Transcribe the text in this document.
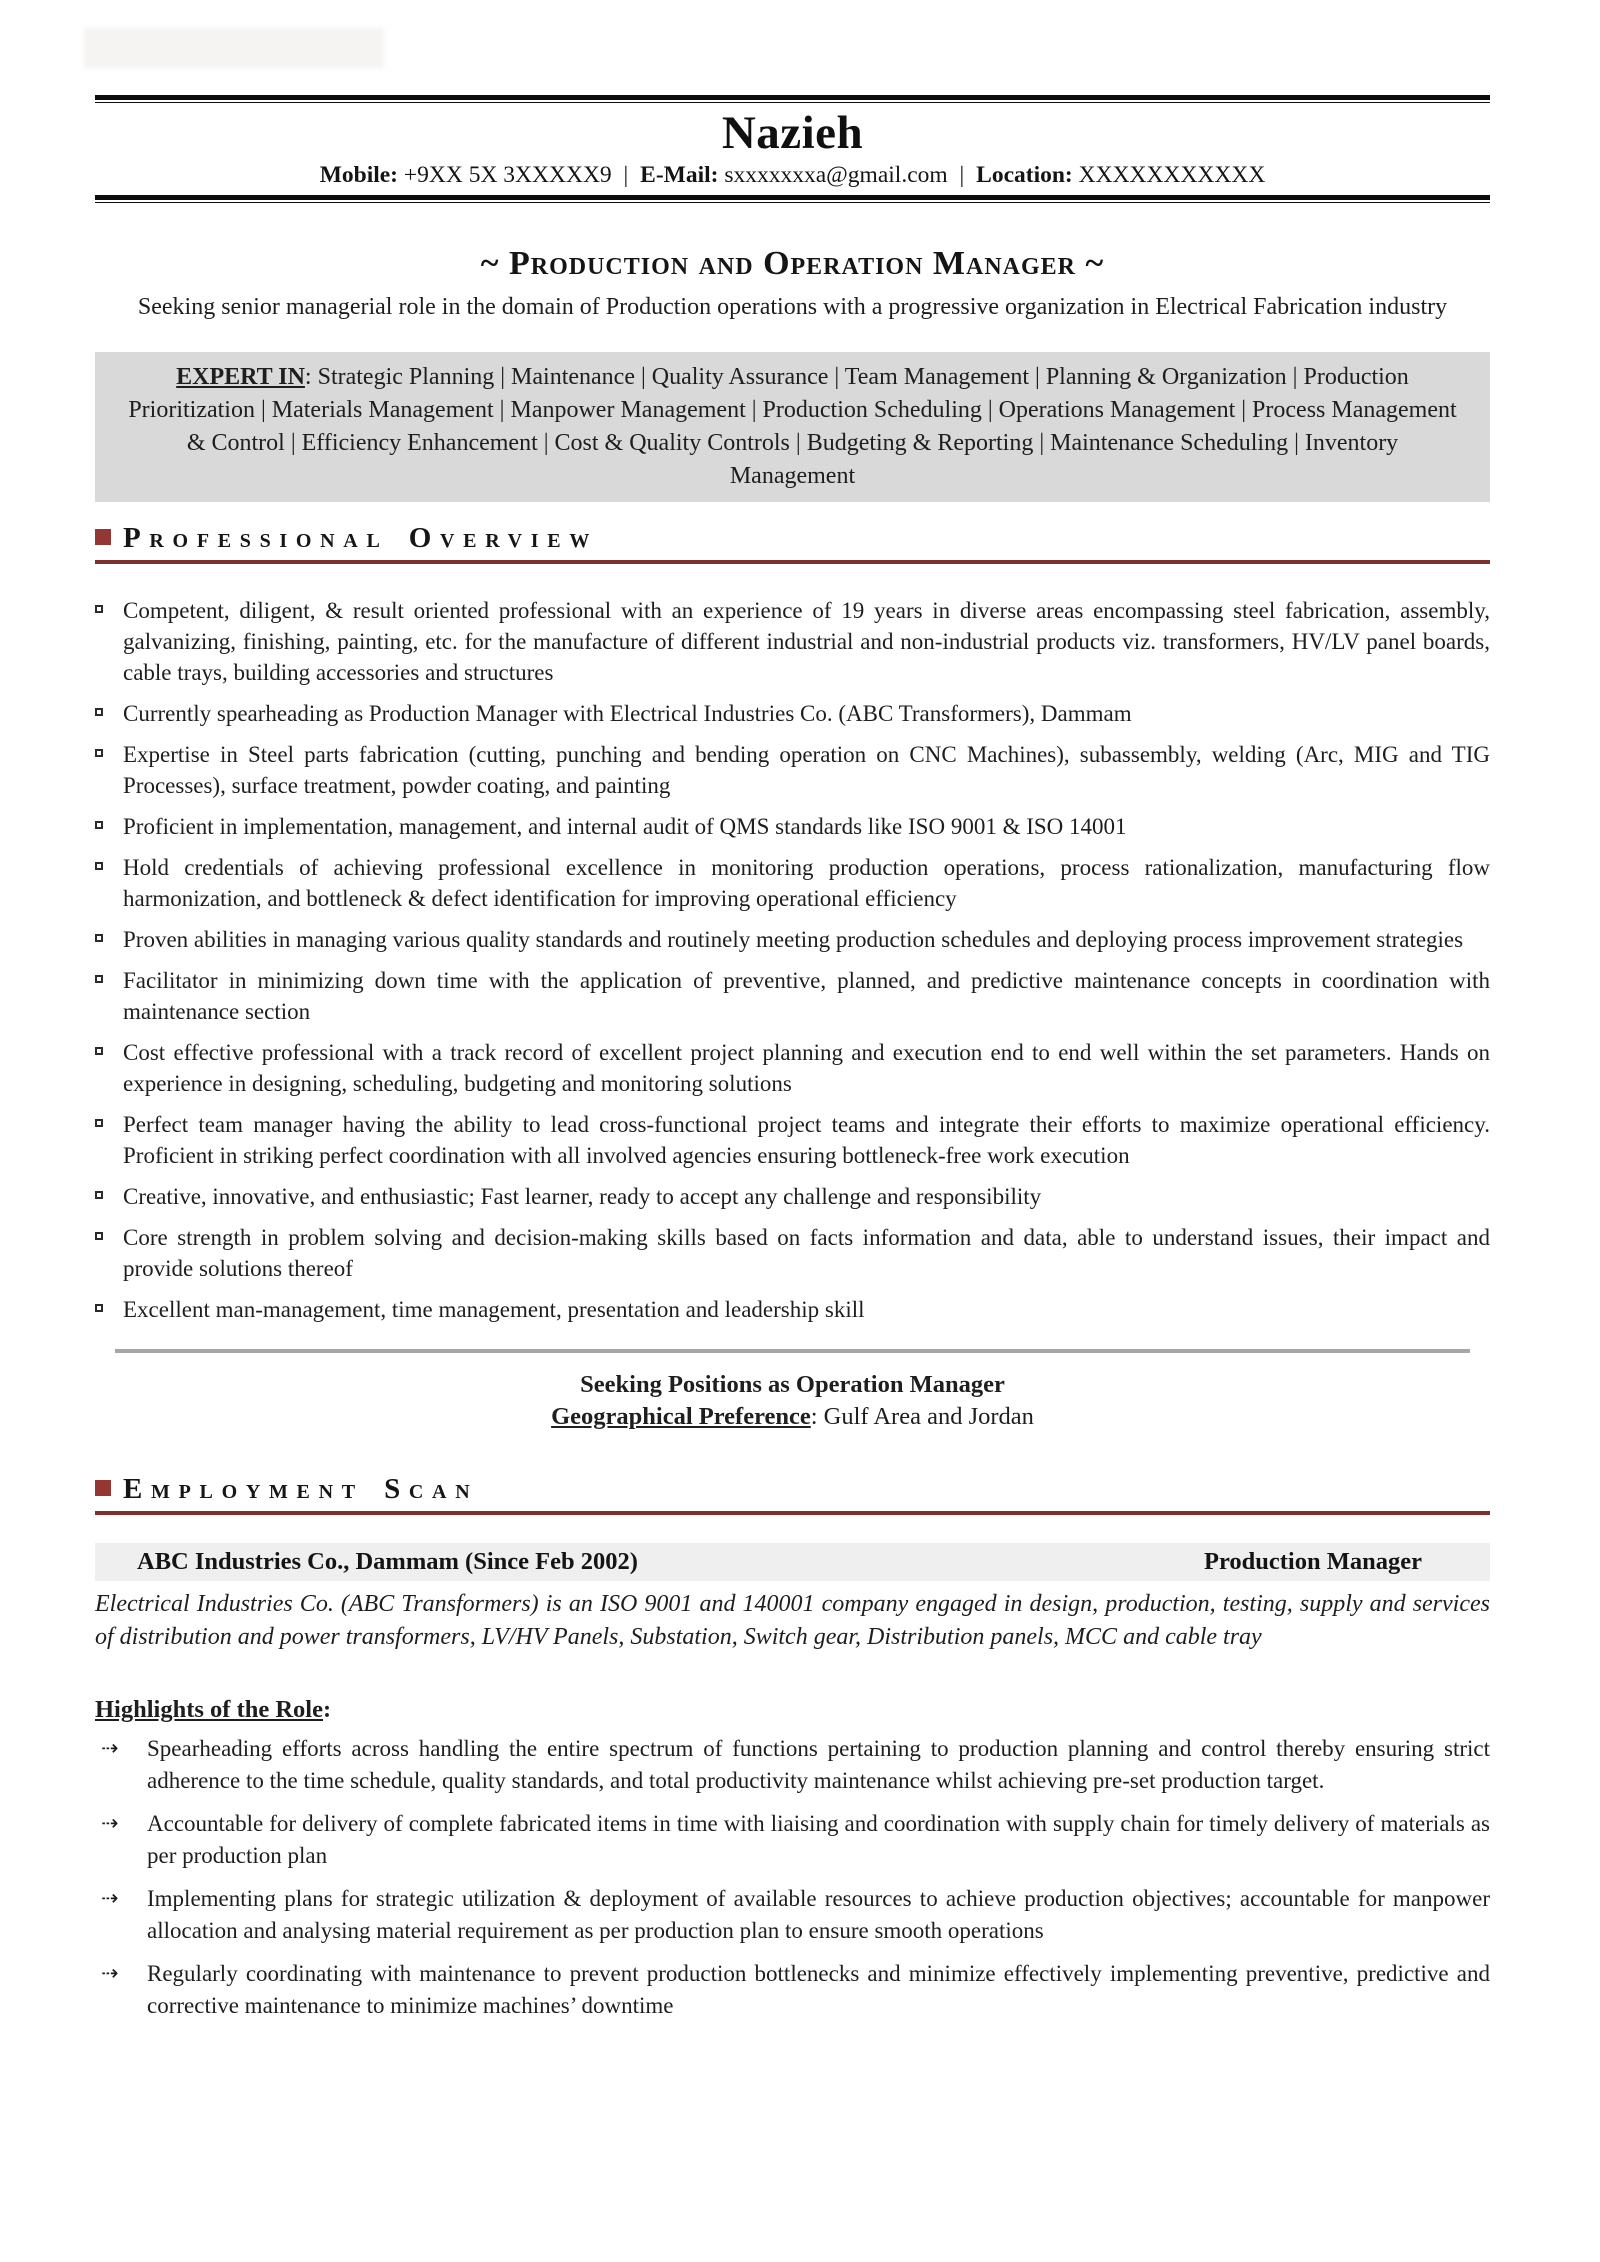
Nazieh
Mobile: +9XX 5X 3XXXXX9 | E-Mail: sxxxxxxxa@gmail.com | Location: XXXXXXXXXXX
~ Production and Operation Manager ~

Seeking senior managerial role in the domain of Production operations with a progressive organization in Electrical Fabrication industry

EXPERT IN: Strategic Planning | Maintenance | Quality Assurance | Team Management | Planning & Organization | Production Prioritization | Materials Management | Manpower Management | Production Scheduling | Operations Management | Process Management & Control | Efficiency Enhancement | Cost & Quality Controls | Budgeting & Reporting | Maintenance Scheduling | Inventory Management
Professional Overview
Competent, diligent, & result oriented professional with an experience of 19 years in diverse areas encompassing steel fabrication, assembly, galvanizing, finishing, painting, etc. for the manufacture of different industrial and non-industrial products viz. transformers, HV/LV panel boards, cable trays, building accessories and structures
Currently spearheading as Production Manager with Electrical Industries Co. (ABC Transformers), Dammam
Expertise in Steel parts fabrication (cutting, punching and bending operation on CNC Machines), subassembly, welding (Arc, MIG and TIG Processes), surface treatment, powder coating, and painting
Proficient in implementation, management, and internal audit of QMS standards like ISO 9001 & ISO 14001
Hold credentials of achieving professional excellence in monitoring production operations, process rationalization, manufacturing flow harmonization, and bottleneck & defect identification for improving operational efficiency
Proven abilities in managing various quality standards and routinely meeting production schedules and deploying process improvement strategies
Facilitator in minimizing down time with the application of preventive, planned, and predictive maintenance concepts in coordination with maintenance section
Cost effective professional with a track record of excellent project planning and execution end to end well within the set parameters. Hands on experience in designing, scheduling, budgeting and monitoring solutions
Perfect team manager having the ability to lead cross-functional project teams and integrate their efforts to maximize operational efficiency. Proficient in striking perfect coordination with all involved agencies ensuring bottleneck-free work execution
Creative, innovative, and enthusiastic; Fast learner, ready to accept any challenge and responsibility
Core strength in problem solving and decision-making skills based on facts information and data, able to understand issues, their impact and provide solutions thereof
Excellent man-management, time management, presentation and leadership skill
Seeking Positions as Operation Manager
Geographical Preference: Gulf Area and Jordan
Employment Scan
ABC Industries Co., Dammam (Since Feb 2002)	Production Manager

Electrical Industries Co. (ABC Transformers) is an ISO 9001 and 140001 company engaged in design, production, testing, supply and services of distribution and power transformers, LV/HV Panels, Substation, Switch gear, Distribution panels, MCC and cable tray

Highlights of the Role:
⇢	Spearheading efforts across handling the entire spectrum of functions pertaining to production planning and control thereby ensuring strict adherence to the time schedule, quality standards, and total productivity maintenance whilst achieving pre-set production target.
⇢	Accountable for delivery of complete fabricated items in time with liaising and coordination with supply chain for timely delivery of materials as per production plan
⇢	Implementing plans for strategic utilization & deployment of available resources to achieve production objectives; accountable for manpower allocation and analysing material requirement as per production plan to ensure smooth operations
⇢	Regularly coordinating with maintenance to prevent production bottlenecks and minimize effectively implementing preventive, predictive and corrective maintenance to minimize machines’ downtime
